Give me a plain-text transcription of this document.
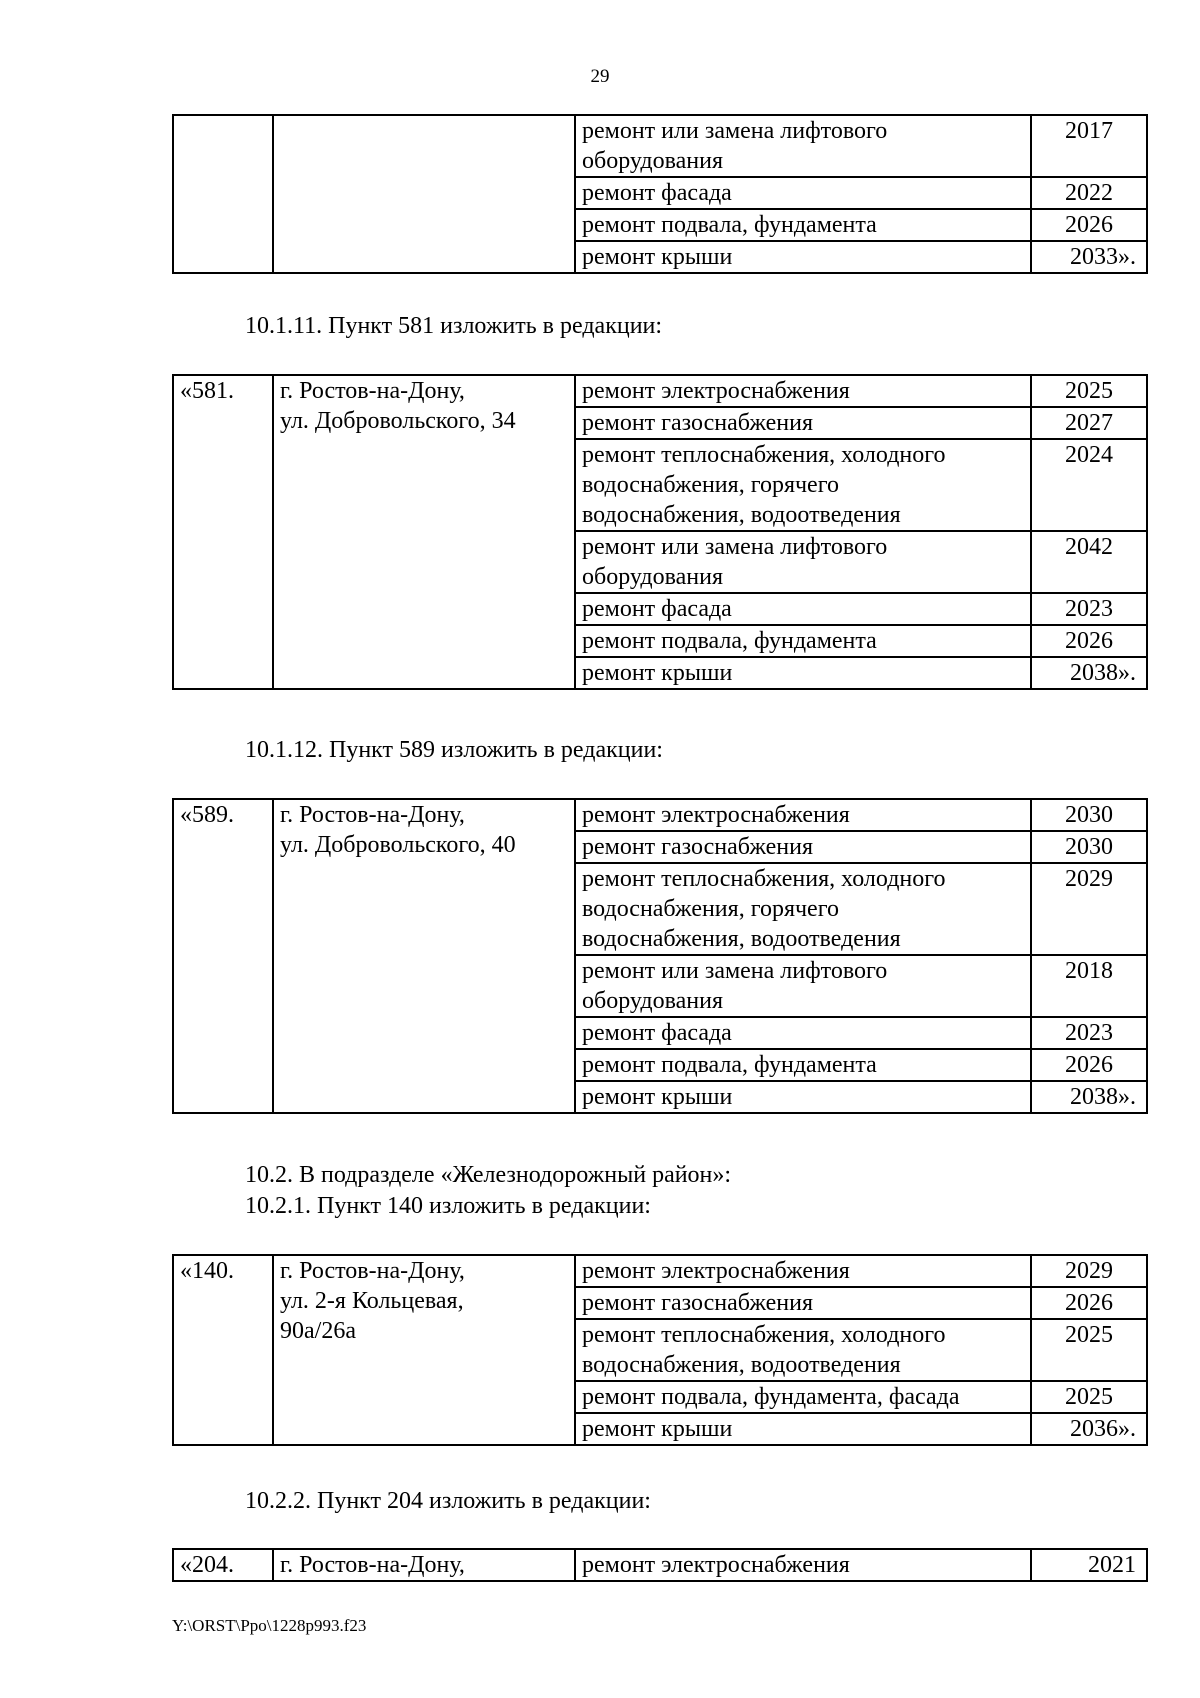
29
		ремонт или замена лифтового
оборудования	2017
		ремонт фасада	2022
		ремонт подвала, фундамента	2026
		ремонт крыши	2033».
10.1.11. Пункт 581 изложить в редакции:
«581.	г. Ростов-на-Дону,
ул. Добровольского, 34	ремонт электроснабжения	2025
		ремонт газоснабжения	2027
		ремонт теплоснабжения, холодного
водоснабжения, горячего
водоснабжения, водоотведения	2024
		ремонт или замена лифтового
оборудования	2042
		ремонт фасада	2023
		ремонт подвала, фундамента	2026
		ремонт крыши	2038».
10.1.12. Пункт 589 изложить в редакции:
«589.	г. Ростов-на-Дону,
ул. Добровольского, 40	ремонт электроснабжения	2030
		ремонт газоснабжения	2030
		ремонт теплоснабжения, холодного
водоснабжения, горячего
водоснабжения, водоотведения	2029
		ремонт или замена лифтового
оборудования	2018
		ремонт фасада	2023
		ремонт подвала, фундамента	2026
		ремонт крыши	2038».
10.2. В подразделе «Железнодорожный район»:
10.2.1. Пункт 140 изложить в редакции:
«140.	г. Ростов-на-Дону,
ул. 2-я Кольцевая,
90а/26а	ремонт электроснабжения	2029
		ремонт газоснабжения	2026
		ремонт теплоснабжения, холодного
водоснабжения, водоотведения	2025
		ремонт подвала, фундамента, фасада	2025
		ремонт крыши	2036».
10.2.2. Пункт 204 изложить в редакции:
«204.	г. Ростов-на-Дону,	ремонт электроснабжения	2021
Y:\ORST\Ppo\1228p993.f23
